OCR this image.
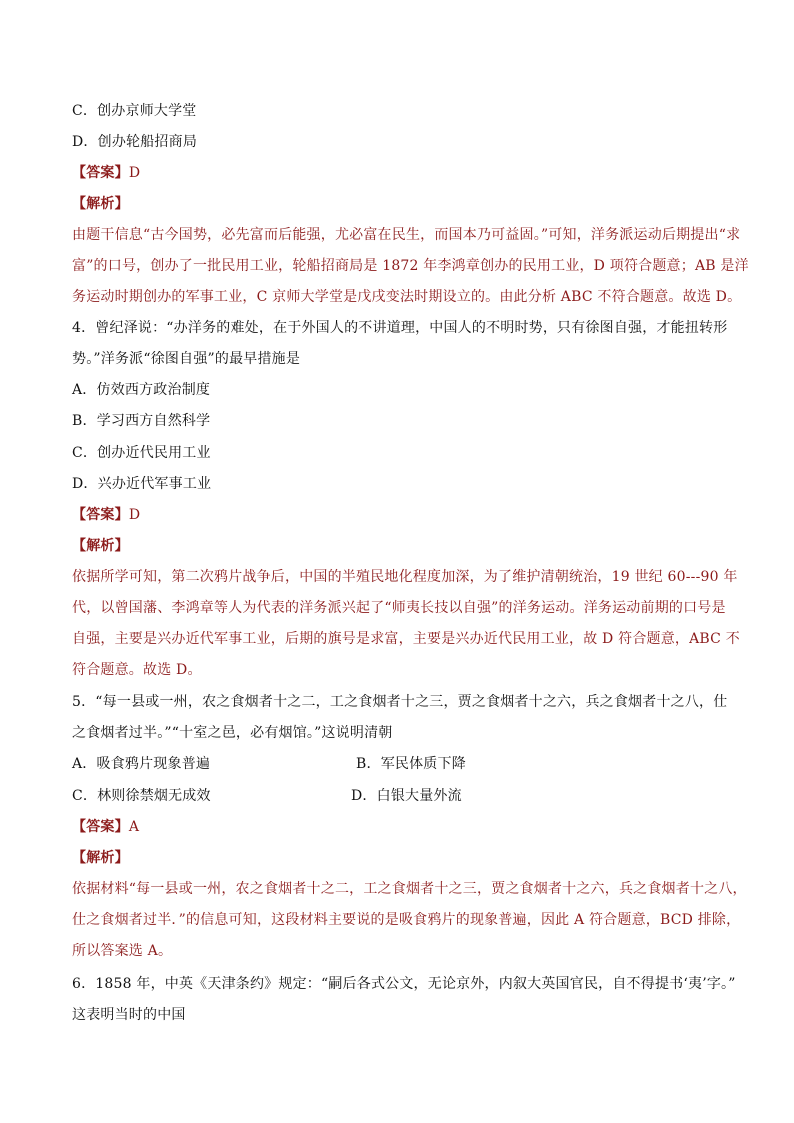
C．创办京师大学堂
D．创办轮船招商局
【答案】D
【解析】
由题干信息“古今国势，必先富而后能强，尤必富在民生，而国本乃可益固。”可知，洋务派运动后期提出“求
富”的口号，创办了一批民用工业，轮船招商局是 1872 年李鸿章创办的民用工业，D 项符合题意；AB 是洋
务运动时期创办的军事工业，C 京师大学堂是戊戌变法时期设立的。由此分析 ABC 不符合题意。故选 D。
4．曾纪泽说：“办洋务的难处，在于外国人的不讲道理，中国人的不明时势，只有徐图自强，才能扭转形
势。”洋务派“徐图自强”的最早措施是
A．仿效西方政治制度
B．学习西方自然科学
C．创办近代民用工业
D．兴办近代军事工业
【答案】D
【解析】
依据所学可知，第二次鸦片战争后，中国的半殖民地化程度加深，为了维护清朝统治，19 世纪 60---90 年
代，以曾国藩、李鸿章等人为代表的洋务派兴起了“师夷长技以自强”的洋务运动。洋务运动前期的口号是
自强，主要是兴办近代军事工业，后期的旗号是求富，主要是兴办近代民用工业，故 D 符合题意，ABC 不
符合题意。故选 D。
5．“每一县或一州，农之食烟者十之二，工之食烟者十之三，贾之食烟者十之六，兵之食烟者十之八，仕
之食烟者过半。”“十室之邑，必有烟馆。”这说明清朝
A．吸食鸦片现象普遍	B．军民体质下降
C．林则徐禁烟无成效	D．白银大量外流
【答案】A
【解析】
依据材料“每一县或一州，农之食烟者十之二，工之食烟者十之三，贾之食烟者十之六，兵之食烟者十之八，
仕之食烟者过半．”的信息可知，这段材料主要说的是吸食鸦片的现象普遍，因此 A 符合题意，BCD 排除，
所以答案选 A。
6．1858 年，中英《天津条约》规定：“嗣后各式公文，无论京外，内叙大英国官民，自不得提书‘夷’字。”
这表明当时的中国
